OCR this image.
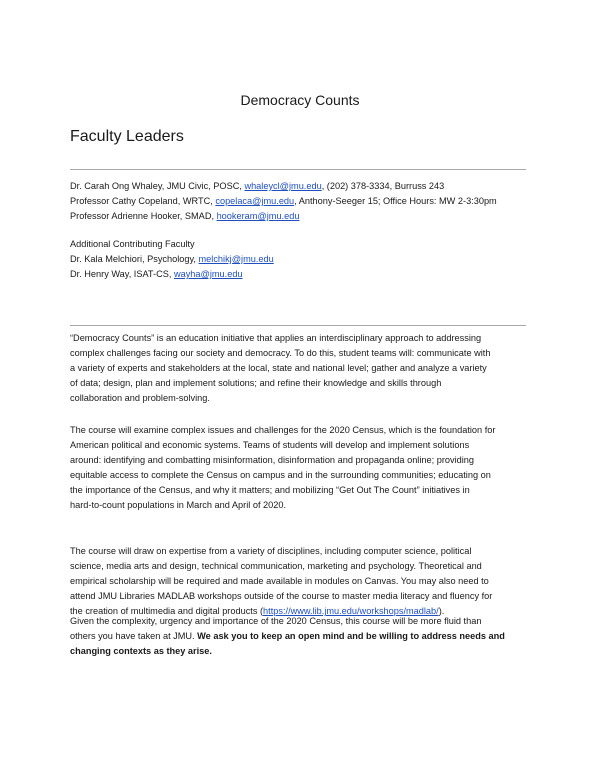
Democracy Counts
Faculty Leaders
Dr. Carah Ong Whaley, JMU Civic, POSC, whaleycl@jmu.edu, (202) 378-3334, Burruss 243
Professor Cathy Copeland, WRTC, copelaca@jmu.edu, Anthony-Seeger 15; Office Hours: MW 2-3:30pm
Professor Adrienne Hooker, SMAD, hookeram@jmu.edu
Additional Contributing Faculty
Dr. Kala Melchiori, Psychology, melchikj@jmu.edu
Dr. Henry Way, ISAT-CS, wayha@jmu.edu
“Democracy Counts” is an education initiative that applies an interdisciplinary approach to addressing
complex challenges facing our society and democracy. To do this, student teams will: communicate with
a variety of experts and stakeholders at the local, state and national level; gather and analyze a variety
of data; design, plan and implement solutions; and refine their knowledge and skills through
collaboration and problem-solving.
The course will examine complex issues and challenges for the 2020 Census, which is the foundation for
American political and economic systems. Teams of students will develop and implement solutions
around: identifying and combatting misinformation, disinformation and propaganda online; providing
equitable access to complete the Census on campus and in the surrounding communities; educating on
the importance of the Census, and why it matters; and mobilizing “Get Out The Count” initiatives in
hard-to-count populations in March and April of 2020.
The course will draw on expertise from a variety of disciplines, including computer science, political
science, media arts and design, technical communication, marketing and psychology. Theoretical and
empirical scholarship will be required and made available in modules on Canvas. You may also need to
attend JMU Libraries MADLAB workshops outside of the course to master media literacy and fluency for
the creation of multimedia and digital products (https://www.lib.jmu.edu/workshops/madlab/).
Given the complexity, urgency and importance of the 2020 Census, this course will be more fluid than
others you have taken at JMU. We ask you to keep an open mind and be willing to address needs and
changing contexts as they arise.
